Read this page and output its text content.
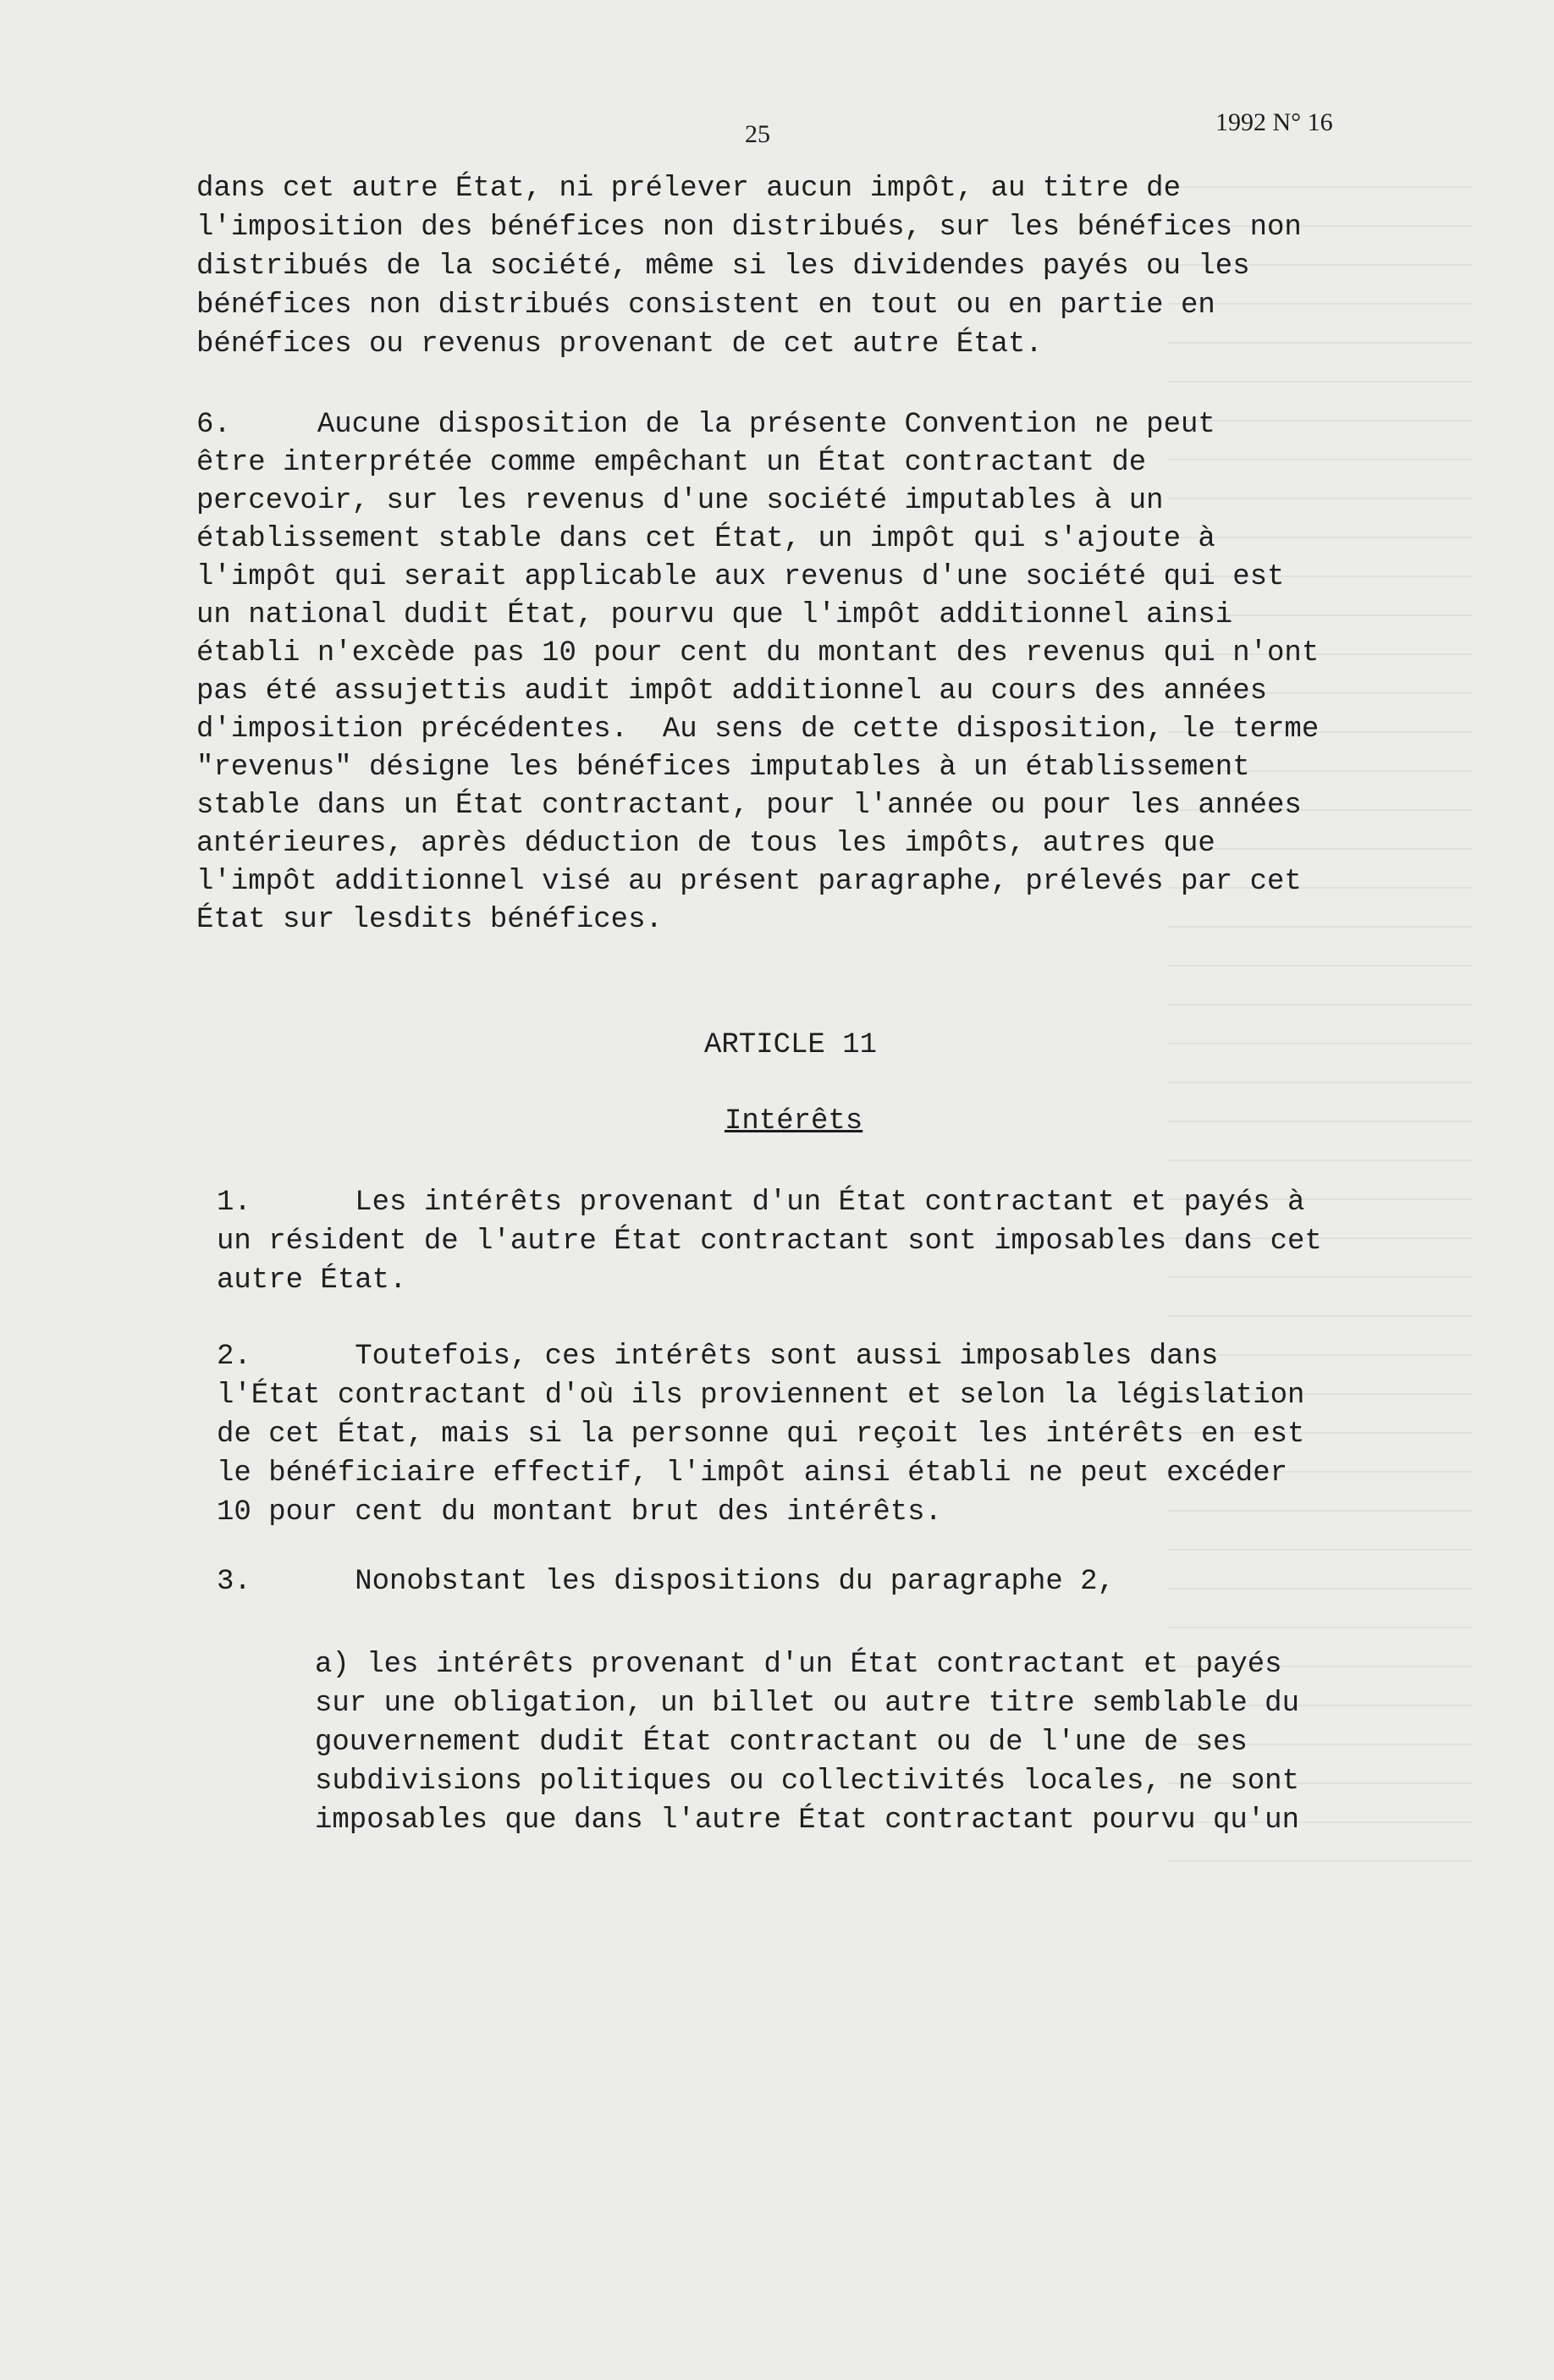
25	1992 N° 16
dans cet autre État, ni prélever aucun impôt, au titre de
l'imposition des bénéfices non distribués, sur les bénéfices non
distribués de la société, même si les dividendes payés ou les
bénéfices non distribués consistent en tout ou en partie en
bénéfices ou revenus provenant de cet autre État.
6.     Aucune disposition de la présente Convention ne peut
être interprétée comme empêchant un État contractant de
percevoir, sur les revenus d'une société imputables à un
établissement stable dans cet État, un impôt qui s'ajoute à
l'impôt qui serait applicable aux revenus d'une société qui est
un national dudit État, pourvu que l'impôt additionnel ainsi
établi n'excède pas 10 pour cent du montant des revenus qui n'ont
pas été assujettis audit impôt additionnel au cours des années
d'imposition précédentes.  Au sens de cette disposition, le terme
"revenus" désigne les bénéfices imputables à un établissement
stable dans un État contractant, pour l'année ou pour les années
antérieures, après déduction de tous les impôts, autres que
l'impôt additionnel visé au présent paragraphe, prélevés par cet
État sur lesdits bénéfices.
ARTICLE 11
Intérêts
1.      Les intérêts provenant d'un État contractant et payés à
un résident de l'autre État contractant sont imposables dans cet
autre État.
2.      Toutefois, ces intérêts sont aussi imposables dans
l'État contractant d'où ils proviennent et selon la législation
de cet État, mais si la personne qui reçoit les intérêts en est
le bénéficiaire effectif, l'impôt ainsi établi ne peut excéder
10 pour cent du montant brut des intérêts.
3.      Nonobstant les dispositions du paragraphe 2,
a) les intérêts provenant d'un État contractant et payés
sur une obligation, un billet ou autre titre semblable du
gouvernement dudit État contractant ou de l'une de ses
subdivisions politiques ou collectivités locales, ne sont
imposables que dans l'autre État contractant pourvu qu'un
